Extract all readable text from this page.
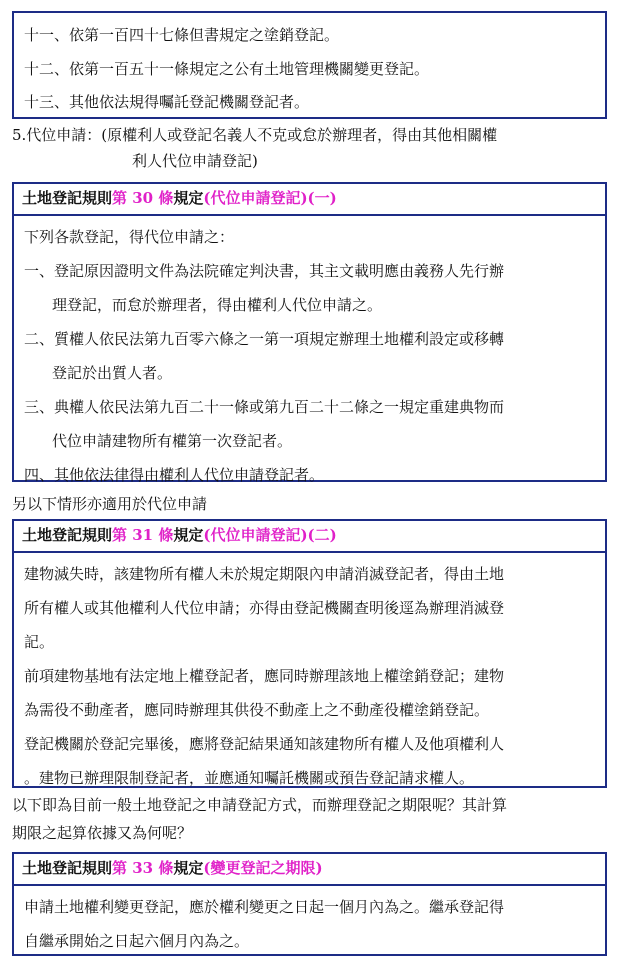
十一、依第一百四十七條但書規定之塗銷登記。
十二、依第一百五十一條規定之公有土地管理機關變更登記。
十三、其他依法規得囑託登記機關登記者。
5.代位申請：(原權利人或登記名義人不克或怠於辦理者，得由其他相關權
利人代位申請登記)
土地登記規則第 30 條規定(代位申請登記)(一)
下列各款登記，得代位申請之：
一、登記原因證明文件為法院確定判決書，其主文載明應由義務人先行辦
理登記，而怠於辦理者，得由權利人代位申請之。
二、質權人依民法第九百零六條之一第一項規定辦理土地權利設定或移轉
登記於出質人者。
三、典權人依民法第九百二十一條或第九百二十二條之一規定重建典物而
代位申請建物所有權第一次登記者。
四、其他依法律得由權利人代位申請登記者。
另以下情形亦適用於代位申請
土地登記規則第 31 條規定(代位申請登記)(二)
建物滅失時，該建物所有權人未於規定期限內申請消滅登記者，得由土地
所有權人或其他權利人代位申請；亦得由登記機關查明後逕為辦理消滅登
記。
前項建物基地有法定地上權登記者，應同時辦理該地上權塗銷登記；建物
為需役不動產者，應同時辦理其供役不動產上之不動產役權塗銷登記。
登記機關於登記完畢後，應將登記結果通知該建物所有權人及他項權利人
。建物已辦理限制登記者，並應通知囑託機關或預告登記請求權人。
以下即為目前一般土地登記之申請登記方式，而辦理登記之期限呢？其計算
期限之起算依據又為何呢？
土地登記規則第 33 條規定(變更登記之期限)
申請土地權利變更登記，應於權利變更之日起一個月內為之。繼承登記得
自繼承開始之日起六個月內為之。
